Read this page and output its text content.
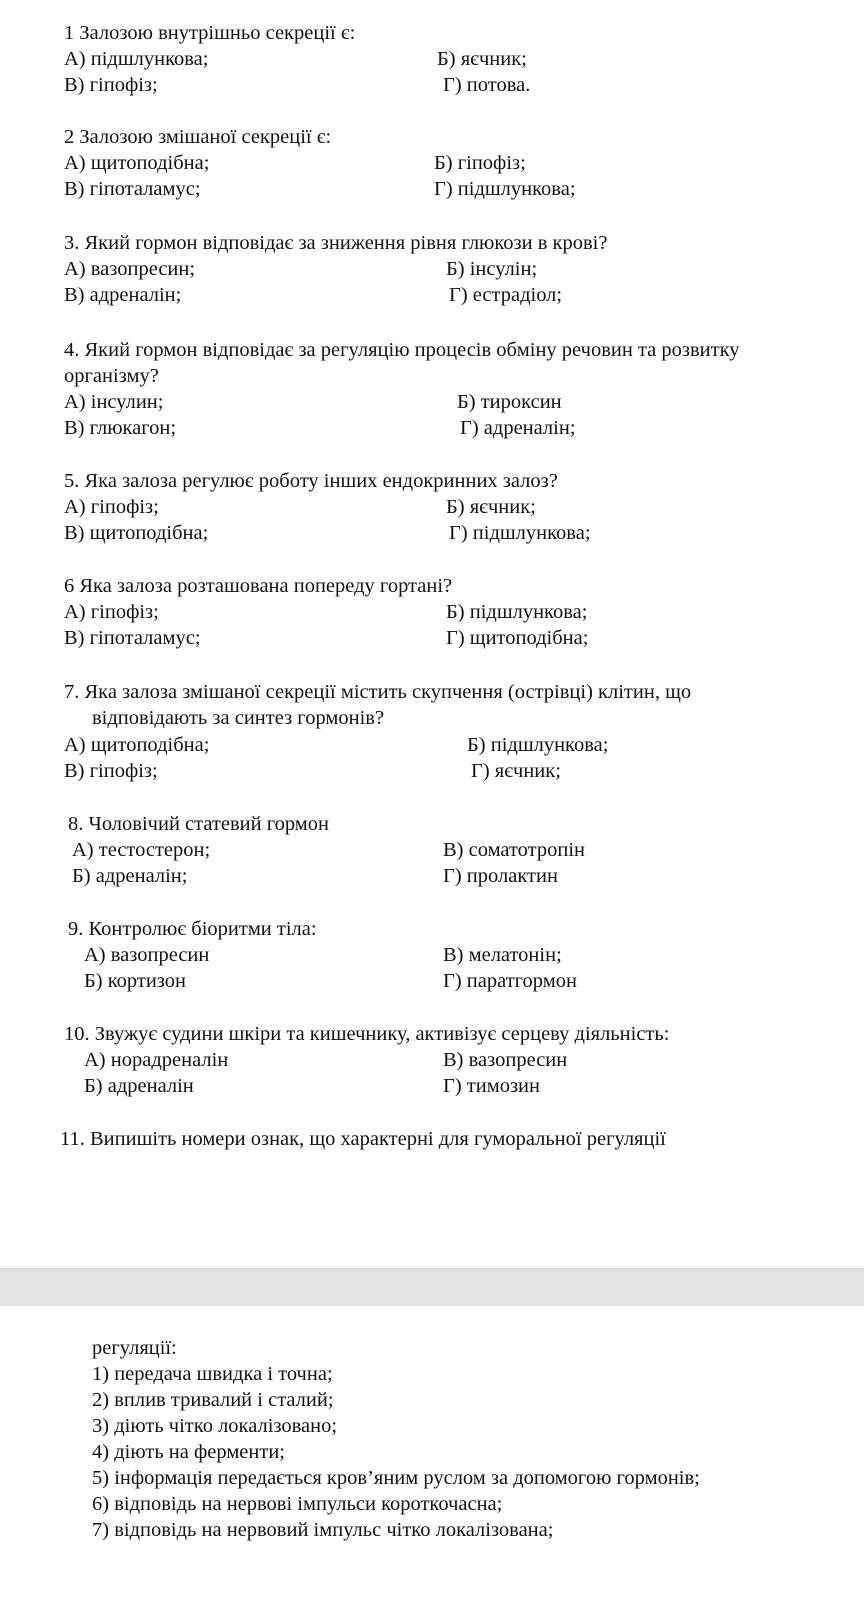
1 Залозою внутрішньо секреції є:
А) підшлункова;	Б) яєчник;
В) гіпофіз;	Г) потова.
2 Залозою змішаної секреції є:
А) щитоподібна;	Б) гіпофіз;
В) гіпоталамус;	Г) підшлункова;
3. Який гормон відповідає за зниження рівня глюкози в крові?
А) вазопресин;	Б) інсулін;
В) адреналін;	Г) естрадіол;
4. Який гормон відповідає за регуляцію процесів обміну речовин та розвитку
організму?
А) інсулин;	Б) тироксин
В) глюкагон;	Г) адреналін;
5. Яка залоза регулює роботу інших ендокринних залоз?
А) гіпофіз;	Б) яєчник;
В) щитоподібна;	Г) підшлункова;
6 Яка залоза розташована попереду гортані?
А) гіпофіз;	Б) підшлункова;
В) гіпоталамус;	Г) щитоподібна;
7. Яка залоза змішаної секреції містить скупчення (острівці) клітин, що
відповідають за синтез гормонів?
А) щитоподібна;	Б) підшлункова;
В) гіпофіз;	Г) яєчник;
8. Чоловічий статевий гормон
А) тестостерон;	В) соматотропін
Б) адреналін;	Г) пролактин
9. Контролює біоритми тіла:
А) вазопресин	В) мелатонін;
Б) кортизон	Г) паратгормон
10. Звужує судини шкіри та кишечнику, активізує серцеву діяльність:
А) норадреналін	В) вазопресин
Б) адреналін	Г) тимозин
11. Випишіть номери ознак, що характерні для гуморальної регуляції
регуляції:
1) передача швидка і точна;
2) вплив тривалий і сталий;
3) діють чітко локалізовано;
4) діють на ферменти;
5) інформація передається кров’яним руслом за допомогою гормонів;
6) відповідь на нервові імпульси короткочасна;
7) відповідь на нервовий імпульс чітко локалізована;
